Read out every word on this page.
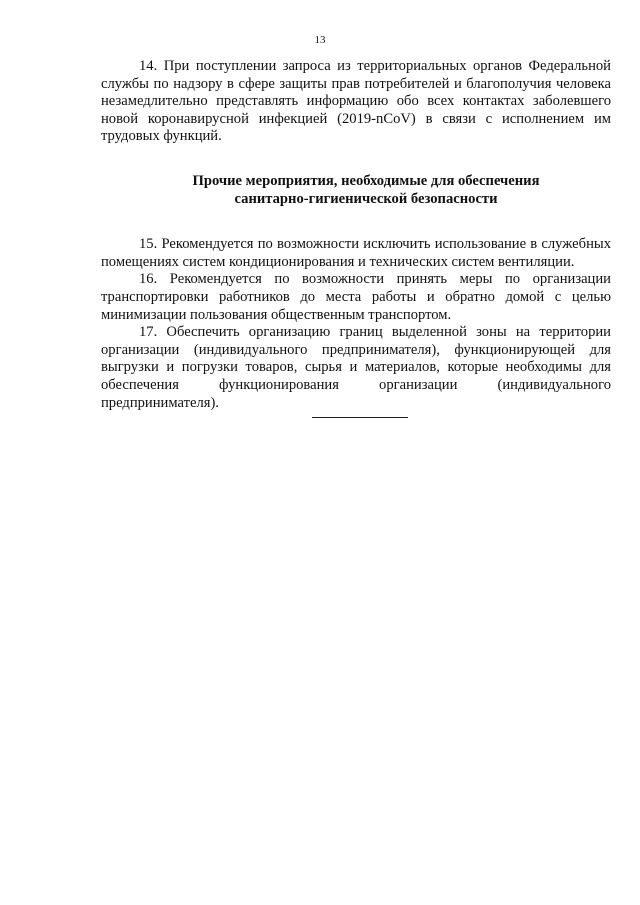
13

14. При поступлении запроса из территориальных органов Федеральной службы по надзору в сфере защиты прав потребителей и благополучия человека незамедлительно представлять информацию обо всех контактах заболевшего новой коронавирусной инфекцией (2019-nCoV) в связи с исполнением им трудовых функций.

Прочие мероприятия, необходимые для обеспечения
санитарно-гигиенической безопасности

15. Рекомендуется по возможности исключить использование в служебных помещениях систем кондиционирования и технических систем вентиляции.

16. Рекомендуется по возможности принять меры по организации транспортировки работников до места работы и обратно домой с целью минимизации пользования общественным транспортом.

17. Обеспечить организацию границ выделенной зоны на территории организации (индивидуального предпринимателя), функционирующей для выгрузки и погрузки товаров, сырья и материалов, которые необходимы для обеспечения функционирования организации (индивидуального предпринимателя).
